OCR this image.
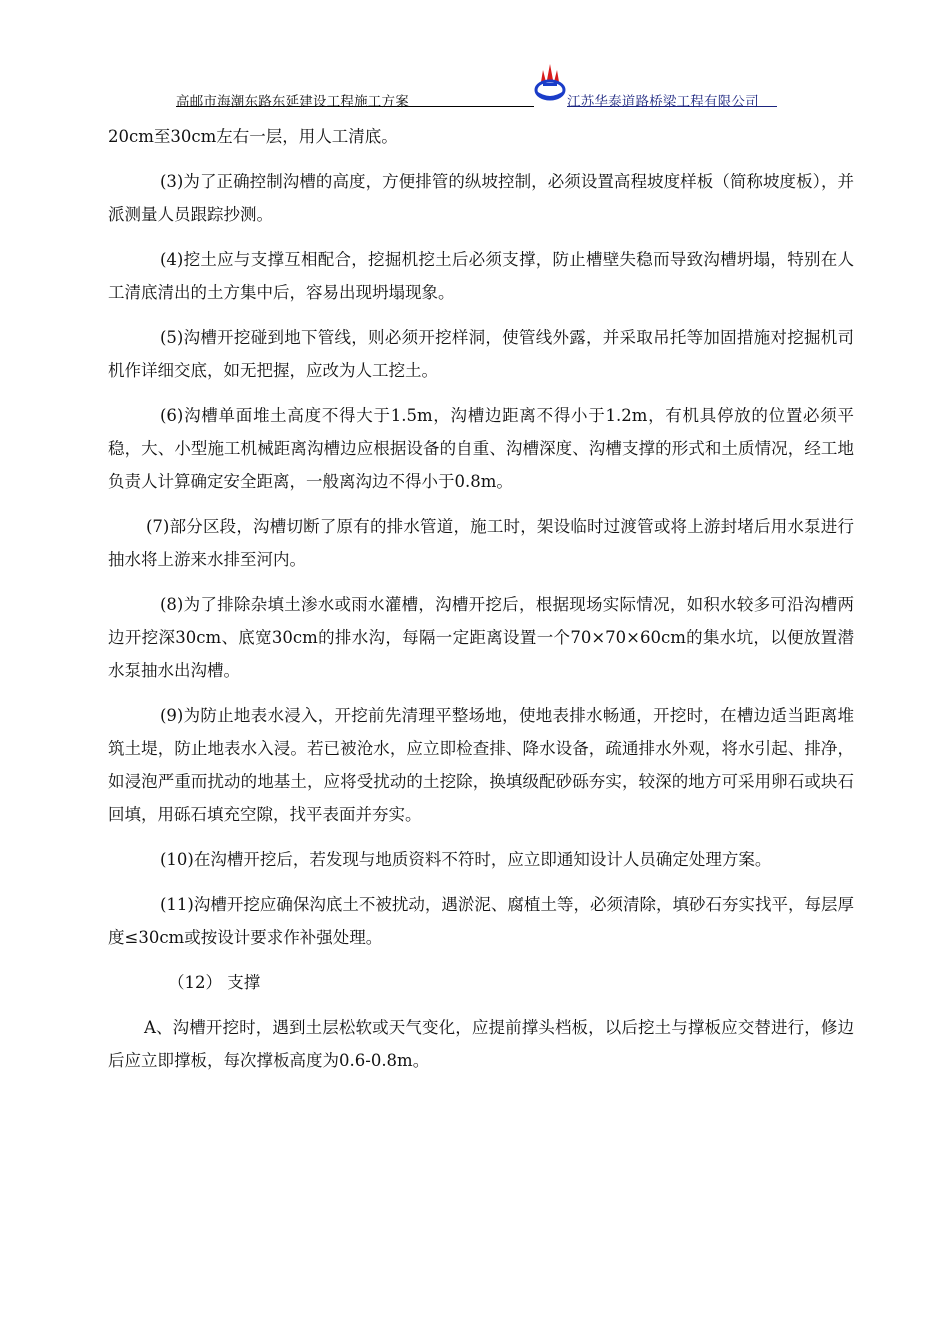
高邮市海潮东路东延建设工程施工方案	江苏华泰道路桥梁工程有限公司

20cm至30cm左右一层，用人工清底。

(3)为了正确控制沟槽的高度，方便排管的纵坡控制，必须设置高程坡度样板（简称坡度板），并派测量人员跟踪抄测。

(4)挖土应与支撑互相配合，挖掘机挖土后必须支撑，防止槽壁失稳而导致沟槽坍塌，特别在人工清底清出的土方集中后，容易出现坍塌现象。

(5)沟槽开挖碰到地下管线，则必须开挖样洞，使管线外露，并采取吊托等加固措施对挖掘机司机作详细交底，如无把握，应改为人工挖土。

(6)沟槽单面堆土高度不得大于1.5m，沟槽边距离不得小于1.2m，有机具停放的位置必须平稳，大、小型施工机械距离沟槽边应根据设备的自重、沟槽深度、沟槽支撑的形式和土质情况，经工地负责人计算确定安全距离，一般离沟边不得小于0.8m。

(7)部分区段，沟槽切断了原有的排水管道，施工时，架设临时过渡管或将上游封堵后用水泵进行抽水将上游来水排至河内。

(8)为了排除杂填土渗水或雨水灌槽，沟槽开挖后，根据现场实际情况，如积水较多可沿沟槽两边开挖深30cm、底宽30cm的排水沟，每隔一定距离设置一个70×70×60cm的集水坑，以便放置潜水泵抽水出沟槽。

(9)为防止地表水浸入，开挖前先清理平整场地，使地表排水畅通，开挖时，在槽边适当距离堆筑土堤，防止地表水入浸。若已被沧水，应立即检查排、降水设备，疏通排水外观，将水引起、排净，如浸泡严重而扰动的地基土，应将受扰动的土挖除，换填级配砂砾夯实，较深的地方可采用卵石或块石回填，用砾石填充空隙，找平表面并夯实。

(10)在沟槽开挖后，若发现与地质资料不符时，应立即通知设计人员确定处理方案。

(11)沟槽开挖应确保沟底土不被扰动，遇淤泥、腐植土等，必须清除，填砂石夯实找平，每层厚度≤30cm或按设计要求作补强处理。

（12） 支撑

A、沟槽开挖时，遇到土层松软或天气变化，应提前撑头档板，以后挖土与撑板应交替进行，修边后应立即撑板，每次撑板高度为0.6-0.8m。
